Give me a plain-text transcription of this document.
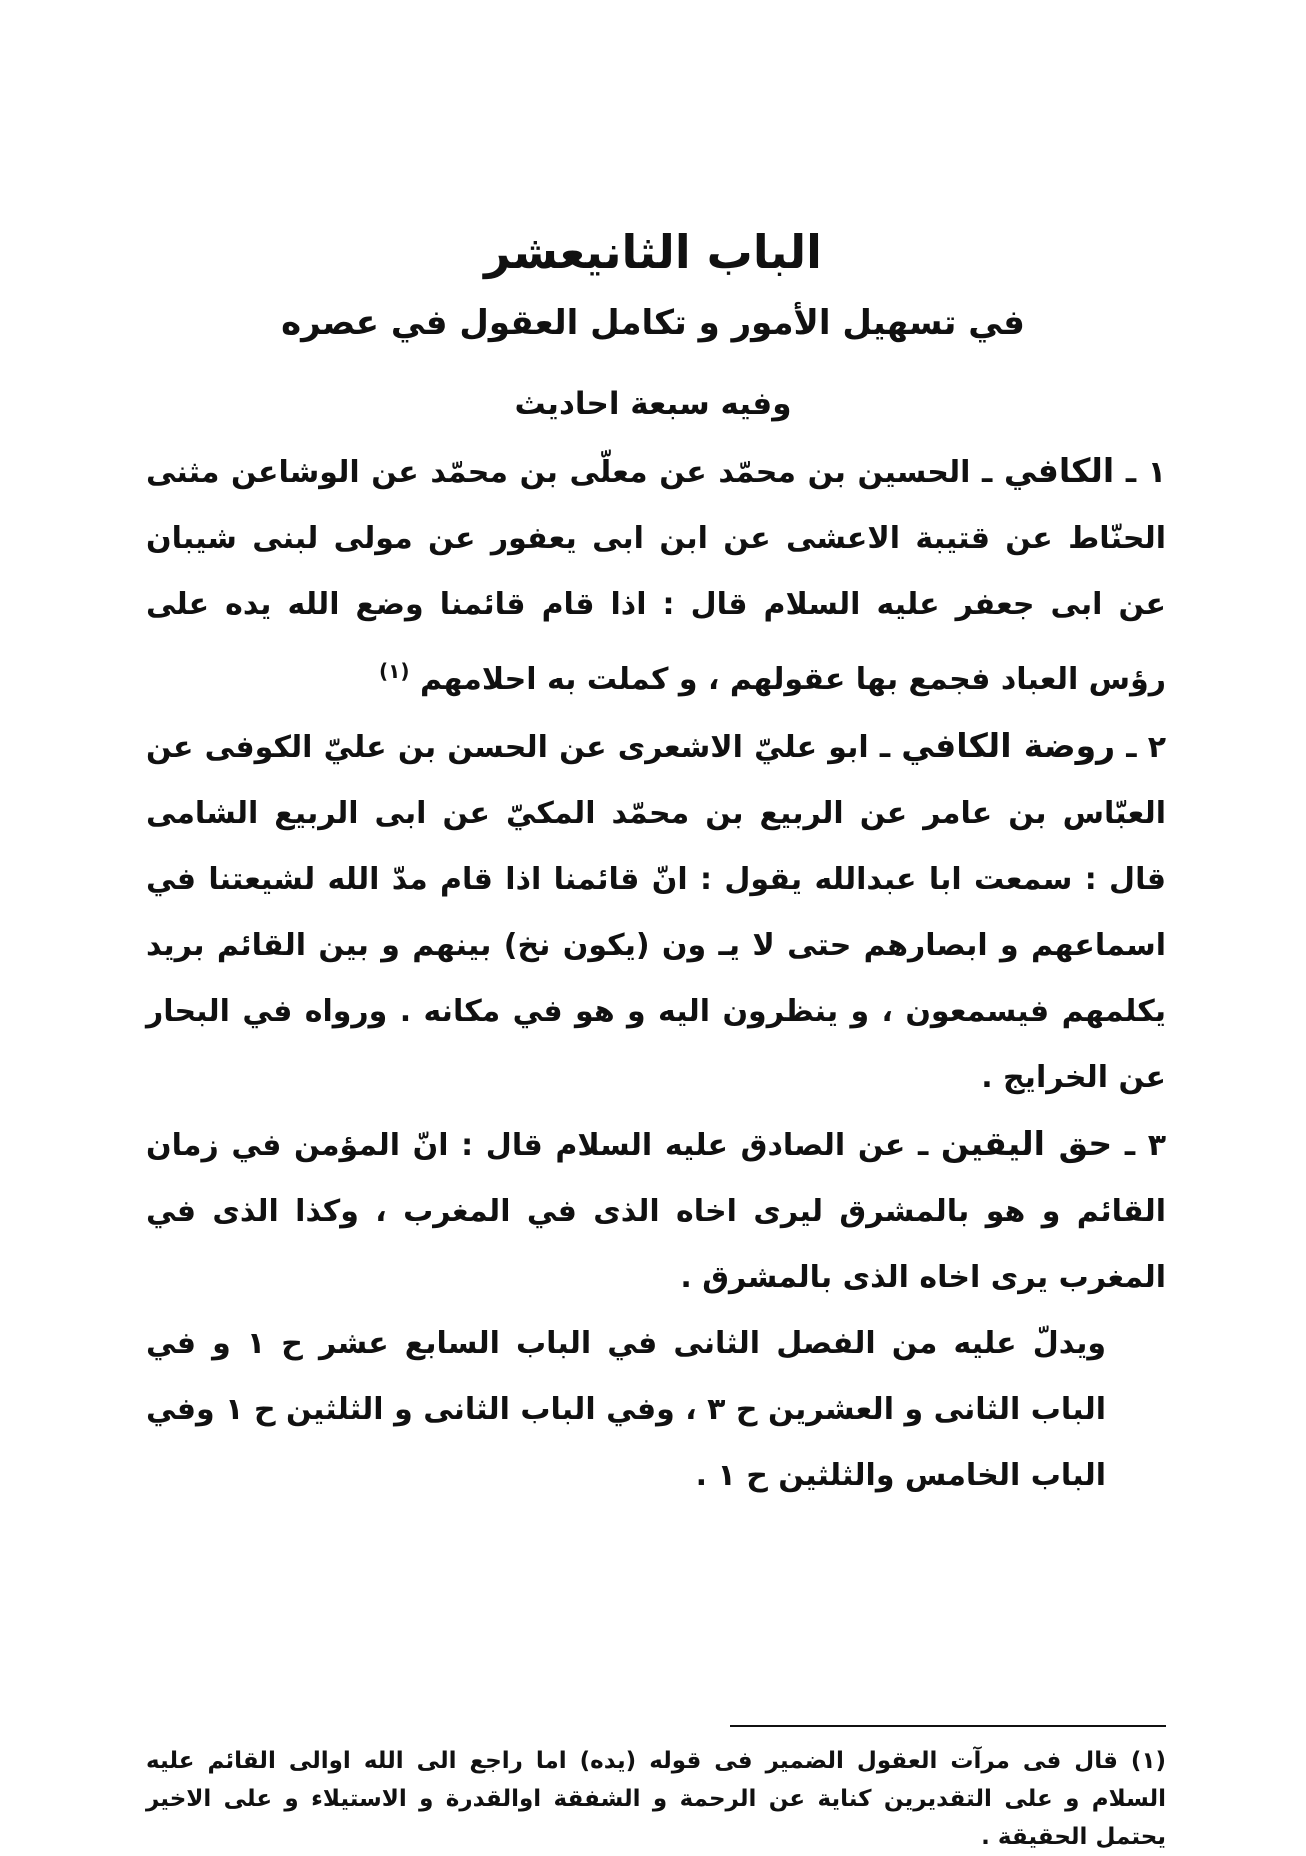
الباب الثانيعشر
في تسهيل الأمور و تكامل العقول في عصره
وفيه سبعة احاديث

١ ـ الكافي ـ الحسين بن محمّد عن معلّى بن محمّد عن الوشاعن مثنى الحنّاط عن قتيبة الاعشى عن ابن ابى يعفور عن مولى لبنى شيبان عن ابى جعفر عليه السلام قال : اذا قام قائمنا وضع الله يده على رؤس العباد فجمع بها عقولهم ، و كملت به احلامهم $^{(١)}$

٢ ـ روضة الكافي ـ ابو عليّ الاشعرى عن الحسن بن عليّ الكوفى عن العبّاس بن عامر عن الربيع بن محمّد المكيّ عن ابى الربيع الشامى قال : سمعت ابا عبدالله يقول : انّ قائمنا اذا قام مدّ الله لشيعتنا في اسماعهم و ابصارهم حتى لا يـ ون (يكون نخ) بينهم و بين القائم بريد يكلمهم فيسمعون ، و ينظرون اليه و هو في مكانه . ورواه في البحار عن الخرايج .

٣ ـ حق اليقين ـ عن الصادق عليه السلام قال : انّ المؤمن في زمان القائم و هو بالمشرق ليرى اخاه الذى في المغرب ، وكذا الذى في المغرب يرى اخاه الذى بالمشرق .

ويدلّ عليه من الفصل الثانى في الباب السابع عشر ح ١ و في الباب الثانى و العشرين ح ٣ ، وفي الباب الثانى و الثلثين ح ١ وفي الباب الخامس والثلثين ح ١ .

(١) قال فى مرآت العقول الضمير فى قوله (يده) اما راجع الى الله اوالى القائم عليه السلام و على التقديرين كناية عن الرحمة و الشفقة اوالقدرة و الاستيلاء و على الاخير يحتمل الحقيقة .
